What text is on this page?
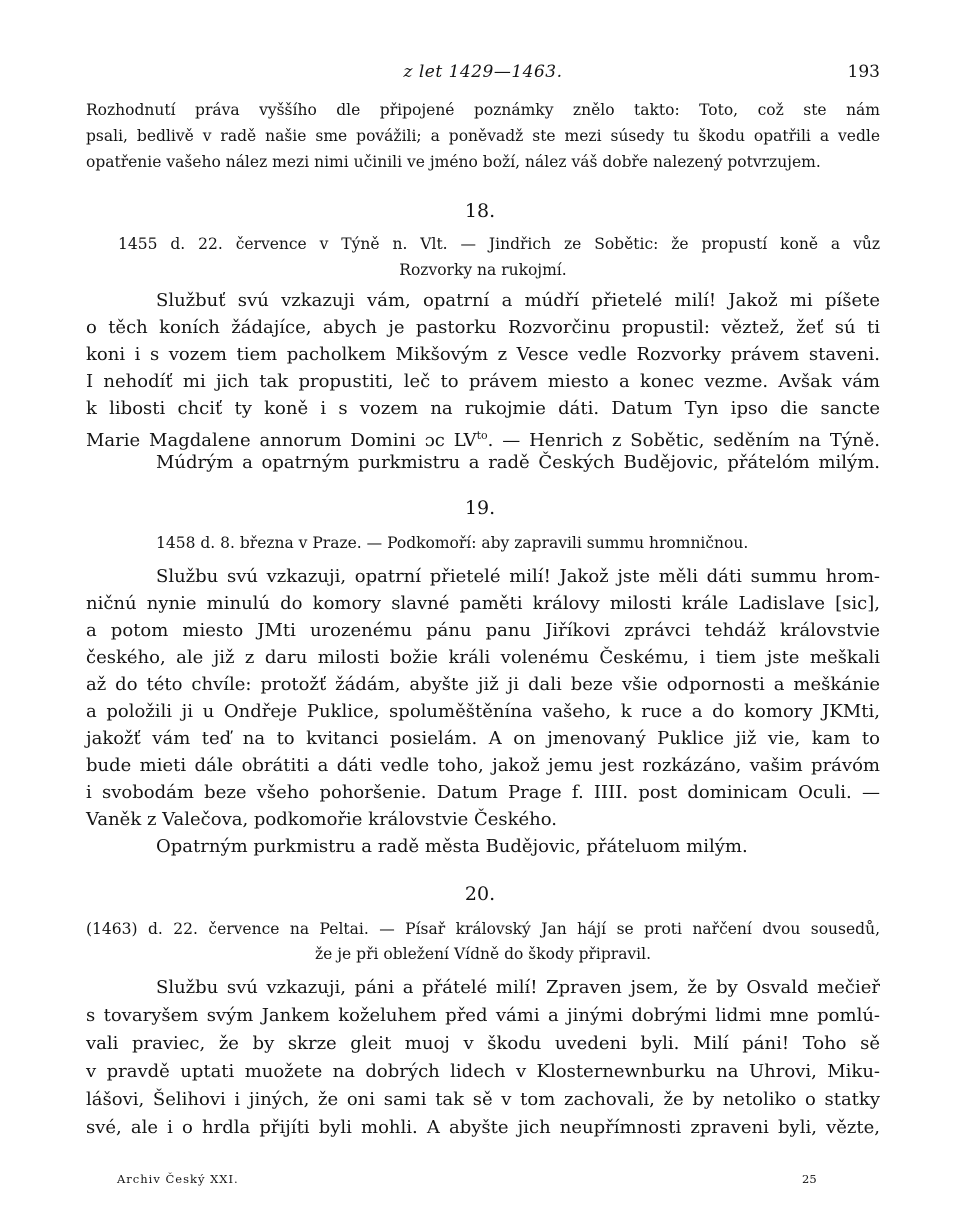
z let 1429—1463.	193

Rozhodnutí práva vyššího dle připojené poznámky znělo takto: Toto, což ste nám

psali, bedlivě v radě našie sme povážili; a poněvadž ste mezi súsedy tu škodu opatřili a vedle

opatřenie vašeho nález mezi nimi učinili ve jméno boží, nález váš dobře nalezený potvrzujem.

18.

1455 d. 22. července v Týně n. Vlt. — Jindřich ze Sobětic: že propustí koně a vůz

Rozvorky na rukojmí.

Službuť svú vzkazuji vám, opatrní a múdří přietelé milí! Jakož mi píšete

o těch koních žádajíce, abych je pastorku Rozvorčinu propustil: věztež, žeť sú ti

koni i s vozem tiem pacholkem Mikšovým z Vesce vedle Rozvorky právem staveni.

I nehodíť mi jich tak propustiti, leč to právem miesto a konec vezme. Avšak vám

k libosti chciť ty koně i s vozem na rukojmie dáti. Datum Tyn ipso die sancte

Marie Magdalene annorum Domini ɔc $LV^{to}$. — Henrich z Sobětic, seděním na Týně.

Múdrým a opatrným purkmistru a radě Českých Budějovic, přátelóm milým.

19.

1458 d. 8. března v Praze. — Podkomoří: aby zapravili summu hromničnou.

Službu svú vzkazuji, opatrní přietelé milí! Jakož jste měli dáti summu hrom-

ničnú nynie minulú do komory slavné paměti královy milosti krále Ladislave [sic],

a potom miesto JMti urozenému pánu panu Jiříkovi zprávci tehdáž královstvie

českého, ale již z daru milosti božie králi volenému Českému, i tiem jste meškali

až do této chvíle: protožť žádám, abyšte již ji dali beze všie odpornosti a meškánie

a položili ji u Ondřeje Puklice, spoluměštěnína vašeho, k ruce a do komory JKMti,

jakožť vám teď na to kvitanci posielám. A on jmenovaný Puklice již vie, kam to

bude mieti dále obrátiti a dáti vedle toho, jakož jemu jest rozkázáno, vašim právóm

i svobodám beze všeho pohoršenie. Datum Prage f. IIII. post dominicam Oculi. —

Vaněk z Valečova, podkomořie královstvie Českého.

Opatrným purkmistru a radě města Budějovic, přáteluom milým.

20.

(1463) d. 22. července na Peltai. — Písař královský Jan hájí se proti nařčení dvou sousedů,

že je při obležení Vídně do škody připravil.

Službu svú vzkazuji, páni a přátelé milí! Zpraven jsem, že by Osvald mečieř

s tovaryšem svým Jankem koželuhem před vámi a jinými dobrými lidmi mne pomlú-

vali praviec, že by skrze gleit muoj v škodu uvedeni byli. Milí páni! Toho sě

v pravdě uptati muožete na dobrých lidech v Klosternewnburku na Uhrovi, Miku-

lášovi, Šelihovi i jiných, že oni sami tak sě v tom zachovali, že by netoliko o statky

své, ale i o hrdla přijíti byli mohli. A abyšte jich neupřímnosti zpraveni byli, vězte,

Archiv Český XXI.	25
